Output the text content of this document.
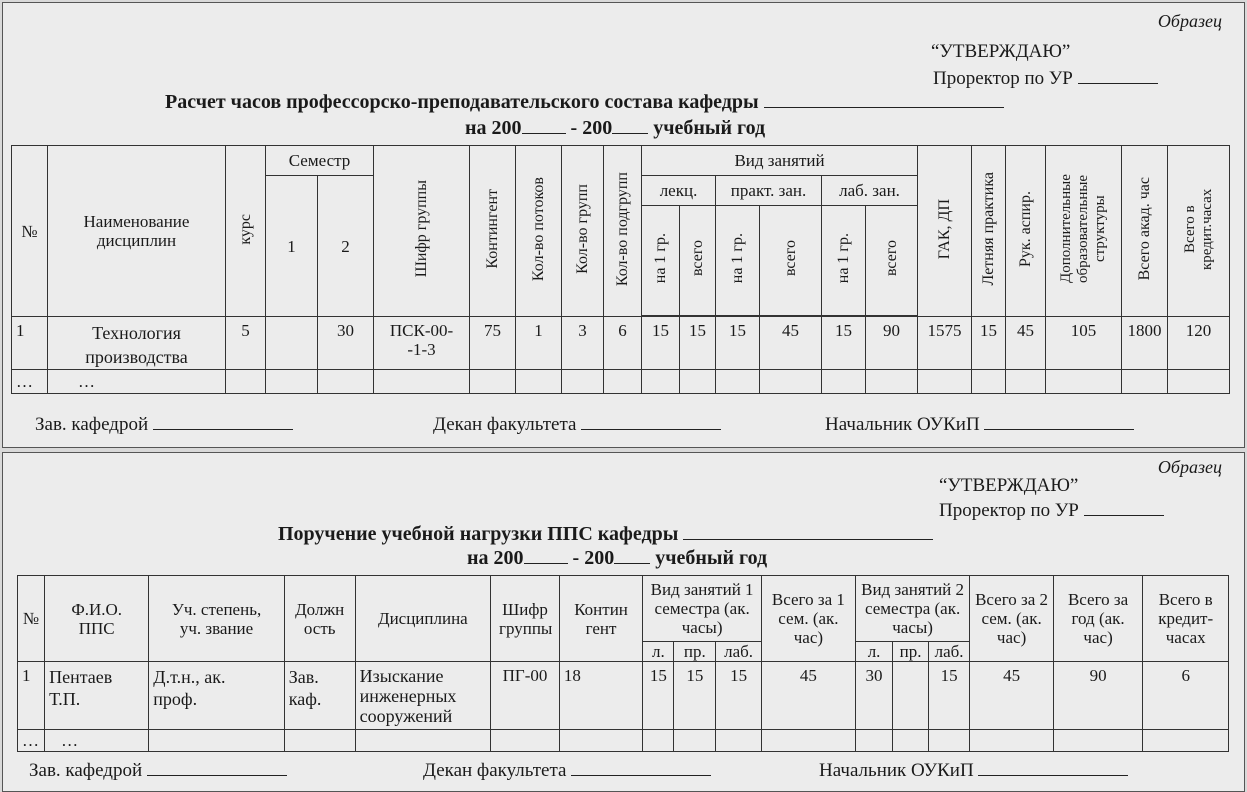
Образец
“УТВЕРЖДАЮ”
Проректор по УР
Расчет часов профессорско-преподавательского состава кафедры
на 200 - 200 учебный год
№	Наименование дисциплин	курс	Семестр		Шифр группы	Контингент	Кол-во потоков	Кол-во групп	Кол-во подгрупп	Вид занятий						ГАК, ДП	Летняя практика	Рук. аспир.	Дополнительные образовательные структуры	Всего акад. час	Всего в кредит.часах
			1	2						лекц.		практ. зан.		лаб. зан.							
										на 1 гр.	всего	на 1 гр.	всего	на 1 гр.	всего						

1	Технология производства	5		30	ПСК-00- -1-3	75	1	3	6	15	15	15	45	15	90	1575	15	45	105	1800	120
…	…																				
Зав. кафедрой	Декан факультета	Начальник ОУКиП
Образец
“УТВЕРЖДАЮ”
Проректор по УР
Поручение учебной нагрузки ППС кафедры
на 200 - 200 учебный год
№	Ф.И.О. ППС	Уч. степень, уч. звание	Должность	Дисциплина	Шифр группы	Контингент	Вид занятий 1 семестра (ак. часы)			Всего за 1 сем. (ак. час)	Вид занятий 2 семестра (ак. часы)			Всего за 2 сем. (ак. час)	Всего за год (ак. час)	Всего в кредит-часах
							л.	пр.	лаб.		л.	пр.	лаб.			
1	Пентаев Т.П.	Д.т.н., ак. проф.	Зав. каф.	Изыскание инженерных сооружений	ПГ-00	18	15	15	15	45	30		15	45	90	6
…	…															
Зав. кафедрой	Декан факультета	Начальник ОУКиП
